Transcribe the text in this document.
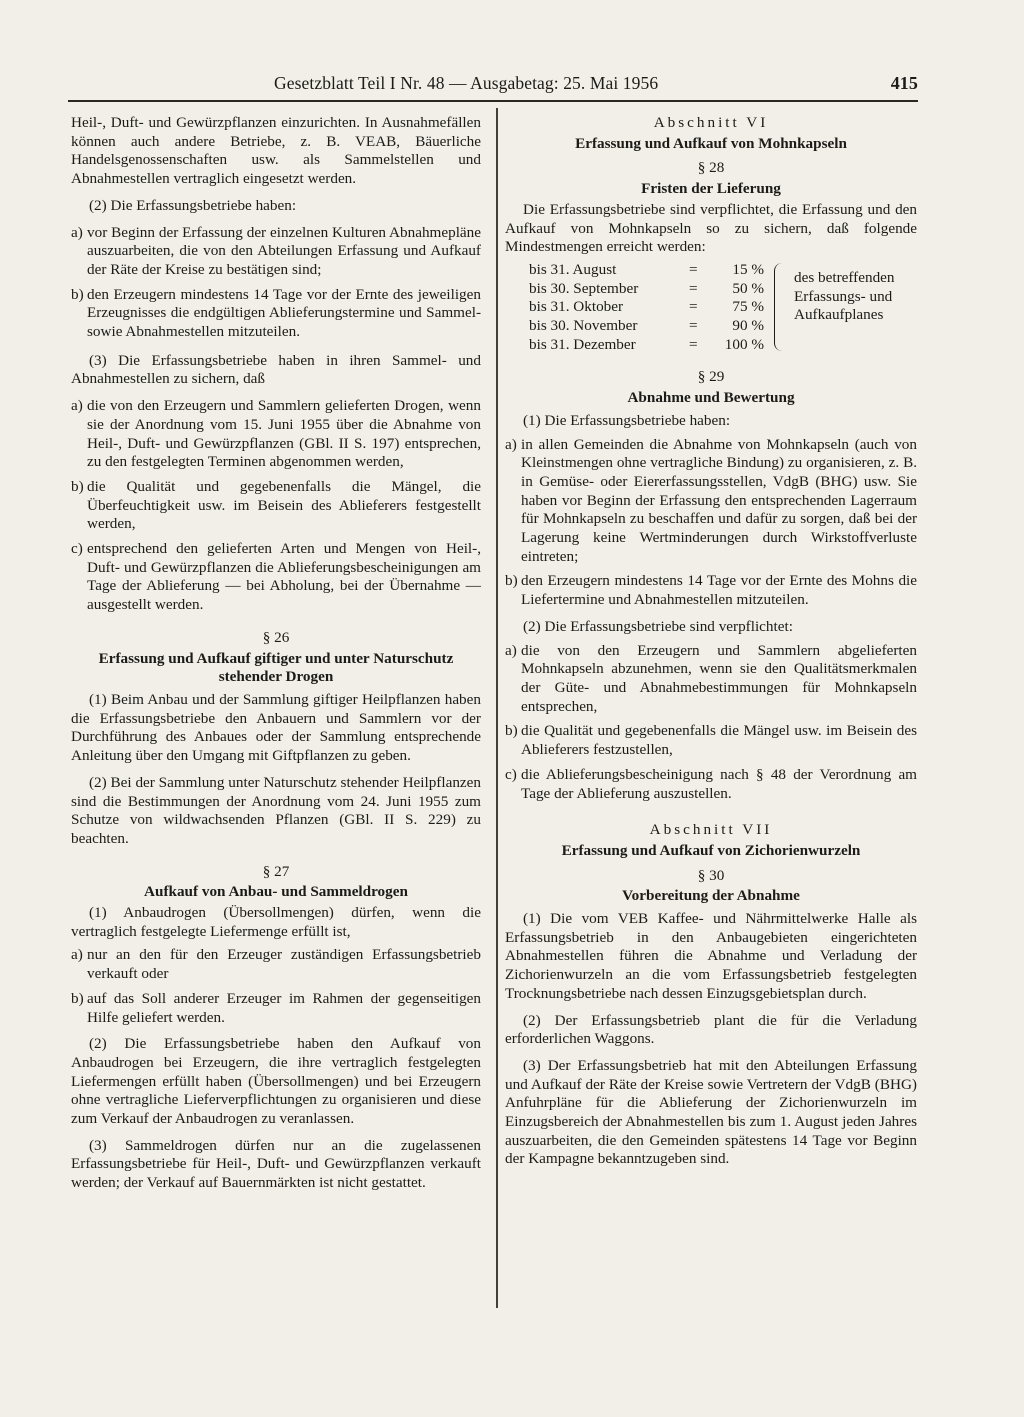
Gesetzblatt Teil I Nr. 48 — Ausgabetag: 25. Mai 1956	415

Heil-, Duft- und Gewürzpflanzen einzurichten. In Ausnahmefällen können auch andere Betriebe, z. B. VEAB, Bäuerliche Handelsgenossenschaften usw. als Sammelstellen und Abnahmestellen vertraglich eingesetzt werden.

(2) Die Erfassungsbetriebe haben:

a) vor Beginn der Erfassung der einzelnen Kulturen Abnahmepläne auszuarbeiten, die von den Abteilungen Erfassung und Aufkauf der Räte der Kreise zu bestätigen sind;
b) den Erzeugern mindestens 14 Tage vor der Ernte des jeweiligen Erzeugnisses die endgültigen Ablieferungstermine und Sammel- sowie Abnahmestellen mitzuteilen.

(3) Die Erfassungsbetriebe haben in ihren Sammel- und Abnahmestellen zu sichern, daß

a) die von den Erzeugern und Sammlern gelieferten Drogen, wenn sie der Anordnung vom 15. Juni 1955 über die Abnahme von Heil-, Duft- und Gewürzpflanzen (GBl. II S. 197) entsprechen, zu den festgelegten Terminen abgenommen werden,
b) die Qualität und gegebenenfalls die Mängel, die Überfeuchtigkeit usw. im Beisein des Ablieferers festgestellt werden,
c) entsprechend den gelieferten Arten und Mengen von Heil-, Duft- und Gewürzpflanzen die Ablieferungsbescheinigungen am Tage der Ablieferung — bei Abholung, bei der Übernahme — ausgestellt werden.
§ 26
Erfassung und Aufkauf giftiger und unter Naturschutz stehender Drogen

(1) Beim Anbau und der Sammlung giftiger Heilpflanzen haben die Erfassungsbetriebe den Anbauern und Sammlern vor der Durchführung des Anbaues oder der Sammlung entsprechende Anleitung über den Umgang mit Giftpflanzen zu geben.

(2) Bei der Sammlung unter Naturschutz stehender Heilpflanzen sind die Bestimmungen der Anordnung vom 24. Juni 1955 zum Schutze von wildwachsenden Pflanzen (GBl. II S. 229) zu beachten.

§ 27
Aufkauf von Anbau- und Sammeldrogen

(1) Anbaudrogen (Übersollmengen) dürfen, wenn die vertraglich festgelegte Liefermenge erfüllt ist,

a) nur an den für den Erzeuger zuständigen Erfassungsbetrieb verkauft oder
b) auf das Soll anderer Erzeuger im Rahmen der gegenseitigen Hilfe geliefert werden.

(2) Die Erfassungsbetriebe haben den Aufkauf von Anbaudrogen bei Erzeugern, die ihre vertraglich festgelegten Liefermengen erfüllt haben (Übersollmengen) und bei Erzeugern ohne vertragliche Lieferverpflichtungen zu organisieren und diese zum Verkauf der Anbaudrogen zu veranlassen.

(3) Sammeldrogen dürfen nur an die zugelassenen Erfassungsbetriebe für Heil-, Duft- und Gewürzpflanzen verkauft werden; der Verkauf auf Bauernmärkten ist nicht gestattet.

Abschnitt VI
Erfassung und Aufkauf von Mohnkapseln
§ 28
Fristen der Lieferung

Die Erfassungsbetriebe sind verpflichtet, die Erfassung und den Aufkauf von Mohnkapseln so zu sichern, daß folgende Mindestmengen erreicht werden:

bis 31. August	=	15 %	des betreffenden Erfassungs- und Aufkaufplanes

bis 30. September	=	50 %	
bis 31. Oktober	=	75 %	
bis 30. November	=	90 %	
bis 31. Dezember	=	100 %	
§ 29
Abnahme und Bewertung

(1) Die Erfassungsbetriebe haben:

a) in allen Gemeinden die Abnahme von Mohnkapseln (auch von Kleinstmengen ohne vertragliche Bindung) zu organisieren, z. B. in Gemüse- oder Eiererfassungsstellen, VdgB (BHG) usw. Sie haben vor Beginn der Erfassung den entsprechenden Lagerraum für Mohnkapseln zu beschaffen und dafür zu sorgen, daß bei der Lagerung keine Wertminderungen durch Wirkstoffverluste eintreten;
b) den Erzeugern mindestens 14 Tage vor der Ernte des Mohns die Liefertermine und Abnahmestellen mitzuteilen.

(2) Die Erfassungsbetriebe sind verpflichtet:

a) die von den Erzeugern und Sammlern abgelieferten Mohnkapseln abzunehmen, wenn sie den Qualitätsmerkmalen der Güte- und Abnahmebestimmungen für Mohnkapseln entsprechen,
b) die Qualität und gegebenenfalls die Mängel usw. im Beisein des Ablieferers festzustellen,
c) die Ablieferungsbescheinigung nach § 48 der Verordnung am Tage der Ablieferung auszustellen.
Abschnitt VII
Erfassung und Aufkauf von Zichorienwurzeln
§ 30
Vorbereitung der Abnahme

(1) Die vom VEB Kaffee- und Nährmittelwerke Halle als Erfassungsbetrieb in den Anbaugebieten eingerichteten Abnahmestellen führen die Abnahme und Verladung der Zichorienwurzeln an die vom Erfassungsbetrieb festgelegten Trocknungsbetriebe nach dessen Einzugsgebietsplan durch.

(2) Der Erfassungsbetrieb plant die für die Verladung erforderlichen Waggons.

(3) Der Erfassungsbetrieb hat mit den Abteilungen Erfassung und Aufkauf der Räte der Kreise sowie Vertretern der VdgB (BHG) Anfuhrpläne für die Ablieferung der Zichorienwurzeln im Einzugsbereich der Abnahmestellen bis zum 1. August jeden Jahres auszuarbeiten, die den Gemeinden spätestens 14 Tage vor Beginn der Kampagne bekanntzugeben sind.
